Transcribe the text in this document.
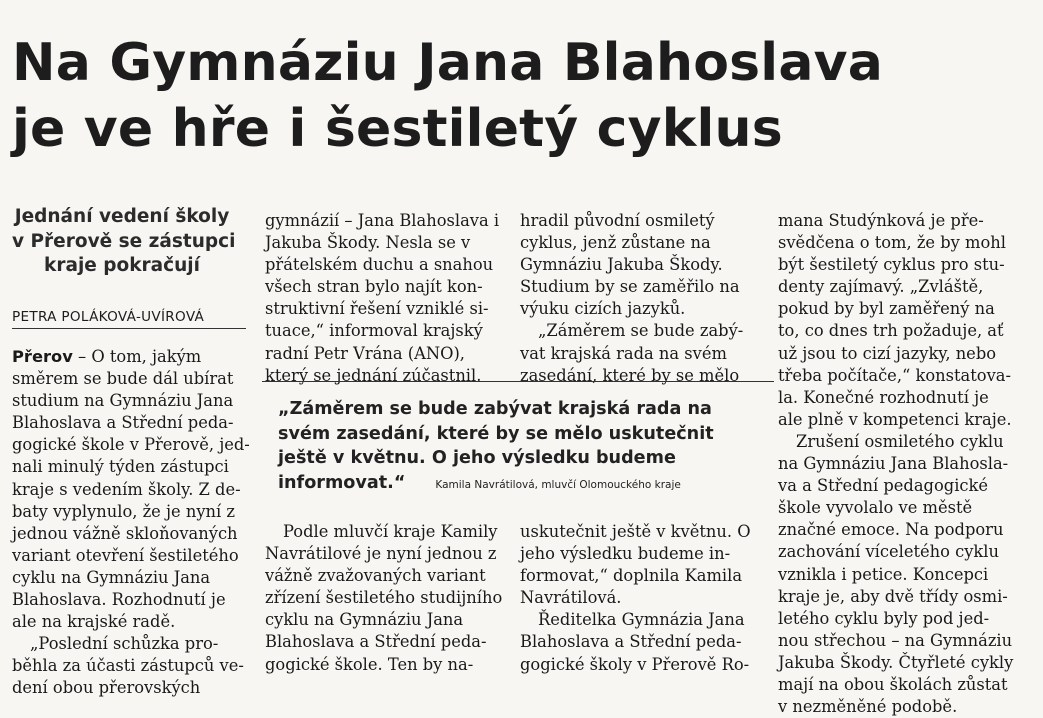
Na Gymnáziu Jana Blahoslava
je ve hře i šestiletý cyklus
Jednání vedení školy
v Přerově se zástupci
kraje pokračují
PETRA POLÁKOVÁ-UVÍROVÁ

Přerov – O tom, jakým
směrem se bude dál ubírat
studium na Gymnáziu Jana
Blahoslava a Střední peda-
gogické škole v Přerově, jed-
nali minulý týden zástupci
kraje s vedením školy. Z de-
baty vyplynulo, že je nyní z
jednou vážně skloňovaných
variant otevření šestiletého
cyklu na Gymnáziu Jana
Blahoslava. Rozhodnutí je
ale na krajské radě.

„Poslední schůzka pro-
běhla za účasti zástupců ve-
dení obou přerovských

gymnázií – Jana Blahoslava i
Jakuba Škody. Nesla se v
přátelském duchu a snahou
všech stran bylo najít kon-
struktivní řešení vzniklé si-
tuace,“ informoval krajský
radní Petr Vrána (ANO),
který se jednání zúčastnil.

hradil původní osmiletý
cyklus, jenž zůstane na
Gymnáziu Jakuba Škody.
Studium by se zaměřilo na
výuku cizích jazyků.

„Záměrem se bude zabý-
vat krajská rada na svém
zasedání, které by se mělo

„Záměrem se bude zabývat krajská rada na
svém zasedání, které by se mělo uskutečnit
ještě v květnu. O jeho výsledku budeme
informovat.“	Kamila Navrátilová, mluvčí Olomouckého kraje

Podle mluvčí kraje Kamily
Navrátilové je nyní jednou z
vážně zvažovaných variant
zřízení šestiletého studijního
cyklu na Gymnáziu Jana
Blahoslava a Střední peda-
gogické škole. Ten by na-

uskutečnit ještě v květnu. O
jeho výsledku budeme in-
formovat,“ doplnila Kamila
Navrátilová.

Ředitelka Gymnázia Jana
Blahoslava a Střední peda-
gogické školy v Přerově Ro-

mana Studýnková je pře-
svědčena o tom, že by mohl
být šestiletý cyklus pro stu-
denty zajímavý. „Zvláště,
pokud by byl zaměřený na
to, co dnes trh požaduje, ať
už jsou to cizí jazyky, nebo
třeba počítače,“ konstatova-
la. Konečné rozhodnutí je
ale plně v kompetenci kraje.

Zrušení osmiletého cyklu
na Gymnáziu Jana Blahosla-
va a Střední pedagogické
škole vyvolalo ve městě
značné emoce. Na podporu
zachování víceletého cyklu
vznikla i petice. Koncepci
kraje je, aby dvě třídy osmi-
letého cyklu byly pod jed-
nou střechou – na Gymnáziu
Jakuba Škody. Čtyřleté cykly
mají na obou školách zůstat
v nezměněné podobě.
